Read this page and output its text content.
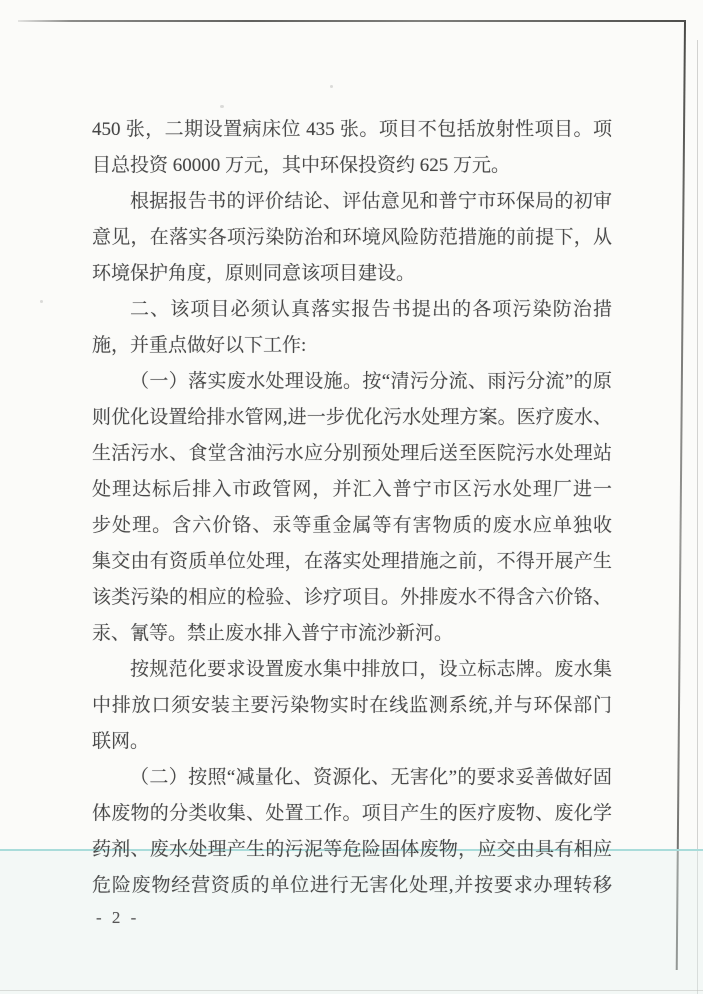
450 张，二期设置病床位 435 张。项目不包括放射性项目。项
目总投资 60000 万元，其中环保投资约 625 万元。
根据报告书的评价结论、评估意见和普宁市环保局的初审
意见，在落实各项污染防治和环境风险防范措施的前提下，从
环境保护角度，原则同意该项目建设。
二、该项目必须认真落实报告书提出的各项污染防治措
施，并重点做好以下工作:
（一）落实废水处理设施。按“清污分流、雨污分流”的原
则优化设置给排水管网,进一步优化污水处理方案。医疗废水、
生活污水、食堂含油污水应分别预处理后送至医院污水处理站
处理达标后排入市政管网，并汇入普宁市区污水处理厂进一
步处理。含六价铬、汞等重金属等有害物质的废水应单独收
集交由有资质单位处理，在落实处理措施之前，不得开展产生
该类污染的相应的检验、诊疗项目。外排废水不得含六价铬、
汞、氰等。禁止废水排入普宁市流沙新河。
按规范化要求设置废水集中排放口，设立标志牌。废水集
中排放口须安装主要污染物实时在线监测系统,并与环保部门
联网。
（二）按照“减量化、资源化、无害化”的要求妥善做好固
体废物的分类收集、处置工作。项目产生的医疗废物、废化学
药剂、废水处理产生的污泥等危险固体废物，应交由具有相应
危险废物经营资质的单位进行无害化处理,并按要求办理转移
- 2 -
